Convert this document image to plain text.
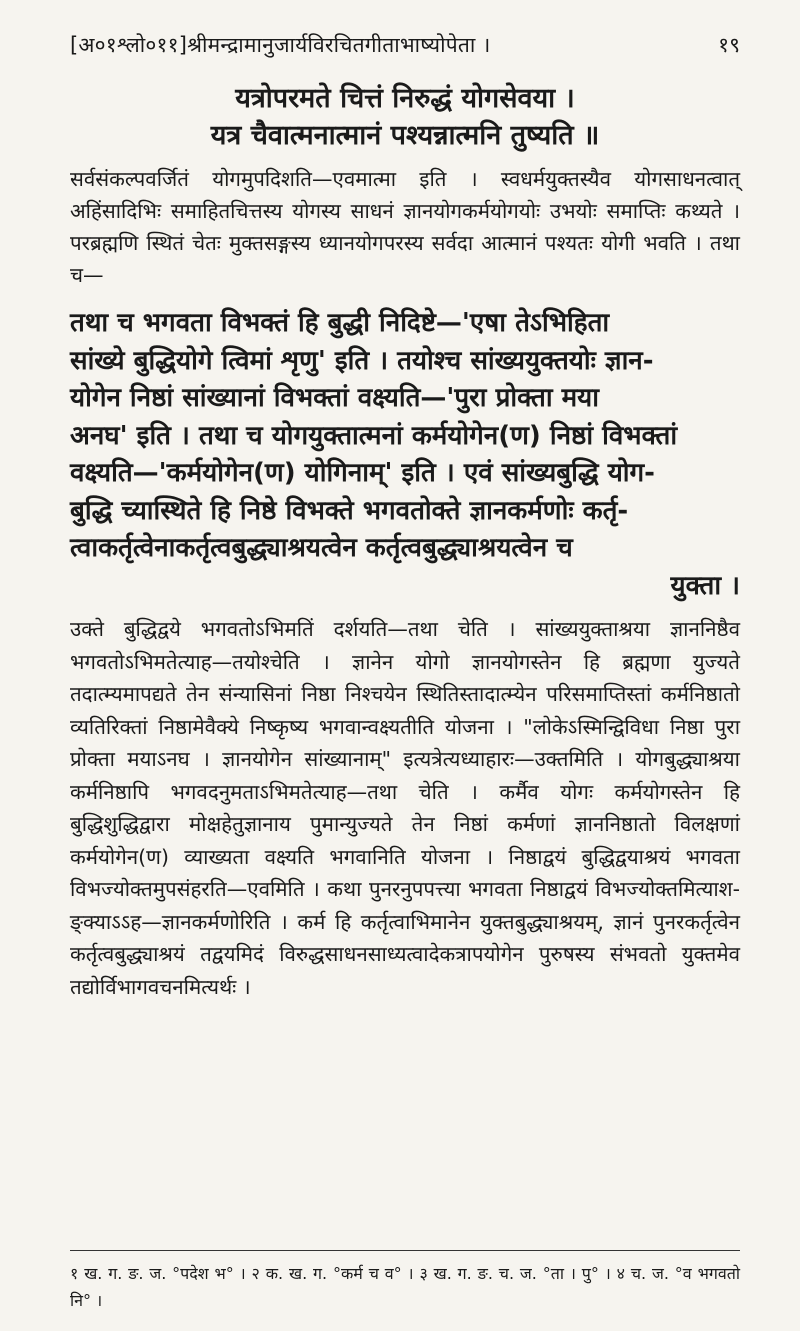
[अ०१श्लो०११]श्रीमन्द्रामानुजार्यविरचितगीताभाष्योपेता ।	१९
यत्रोपरमते चित्तं निरुद्धं योगसेवया ।
यत्र चैवात्मनात्मानं पश्यन्नात्मनि तुष्यति ॥
सर्वसंकल्पवर्जितं योगमुपदिशति—एवमात्मा इति । स्वधर्मयुक्तस्यैव योगसाधनत्वात् अहिंसादिभिः समाहितचित्तस्य योगस्य साधनं ज्ञानयोगकर्मयोगयोः उभयोः समाप्तिः कथ्यते । परब्रह्मणि स्थितं चेतः मुक्तसङ्गस्य ध्यानयोगपरस्य सर्वदा आत्मानं पश्यतः योगी भवति । तथा च—
तथा च भगवता विभक्तं हि बुद्धी निदिष्टे—'एषा तेऽभिहिता
सांख्ये बुद्धियोगे त्विमां शृणु' इति । तयोश्च सांख्ययुक्तयोः ज्ञान-
योगेन निष्ठां सांख्यानां विभक्तां वक्ष्यति—'पुरा प्रोक्ता मया
अनघ' इति । तथा च योगयुक्तात्मनां कर्मयोगेन(ण) निष्ठां विभक्तां
वक्ष्यति—'कर्मयोगेन(ण) योगिनाम्' इति । एवं सांख्यबुद्धि योग-
बुद्धि च्यास्थिते हि निष्ठे विभक्ते भगवतोक्ते ज्ञानकर्मणोः कर्तृ-
त्वाकर्तृत्वेनाकर्तृत्वबुद्ध्याश्रयत्वेन कर्तृत्वबुद्ध्याश्रयत्वेन च
युक्ता ।
उक्ते बुद्धिद्वये भगवतोऽभिमतिं दर्शयति—तथा चेति । सांख्ययुक्ताश्रया ज्ञाननिष्ठैव भगवतोऽभिमतेत्याह—तयोश्चेति । ज्ञानेन योगो ज्ञानयोगस्तेन हि ब्रह्मणा युज्यते तदात्म्यमापद्यते तेन संन्यासिनां निष्ठा निश्चयेन स्थितिस्तादात्म्येन परिसमाप्तिस्तां कर्मनिष्ठातो व्यतिरिक्तां निष्ठामेवैक्ये निष्कृष्य भगवान्वक्ष्यतीति योजना । "लोकेऽस्मिन्द्विविधा निष्ठा पुरा प्रोक्ता मयाऽनघ । ज्ञानयोगेन सांख्यानाम्" इत्यत्रेत्यध्याहारः—उक्तमिति । योगबुद्ध्याश्रया कर्मनिष्ठापि भगवदनुमताऽभिमतेत्याह—तथा चेति । कर्मैव योगः कर्मयोगस्तेन हि बुद्धिशुद्धिद्वारा मोक्षहेतुज्ञानाय पुमान्युज्यते तेन निष्ठां कर्मणां ज्ञाननिष्ठातो विलक्षणां कर्मयोगेन(ण) व्याख्यता वक्ष्यति भगवानिति योजना । निष्ठाद्वयं बुद्धिद्वयाश्रयं भगवता विभज्योक्तमुपसंहरति—एवमिति । कथा पुनरनुपपत्त्या भगवता निष्ठाद्वयं विभज्योक्तमित्याश-ङ्क्याऽऽह—ज्ञानकर्मणोरिति । कर्म हि कर्तृत्वाभिमानेन युक्तबुद्ध्याश्रयम्, ज्ञानं पुनरकर्तृत्वेन कर्तृत्वबुद्ध्याश्रयं तद्वयमिदं विरुद्धसाधनसाध्यत्वादेकत्रापयोगेन पुरुषस्य संभवतो युक्तमेव तद्योर्विभागवचनमित्यर्थः ।
१ ख. ग. ङ. ज. °पदेश भ° । २ क. ख. ग. °कर्म च व° । ३ ख. ग. ङ. च. ज. °ता । पु° । ४ च. ज. °व भगवतो नि° ।
